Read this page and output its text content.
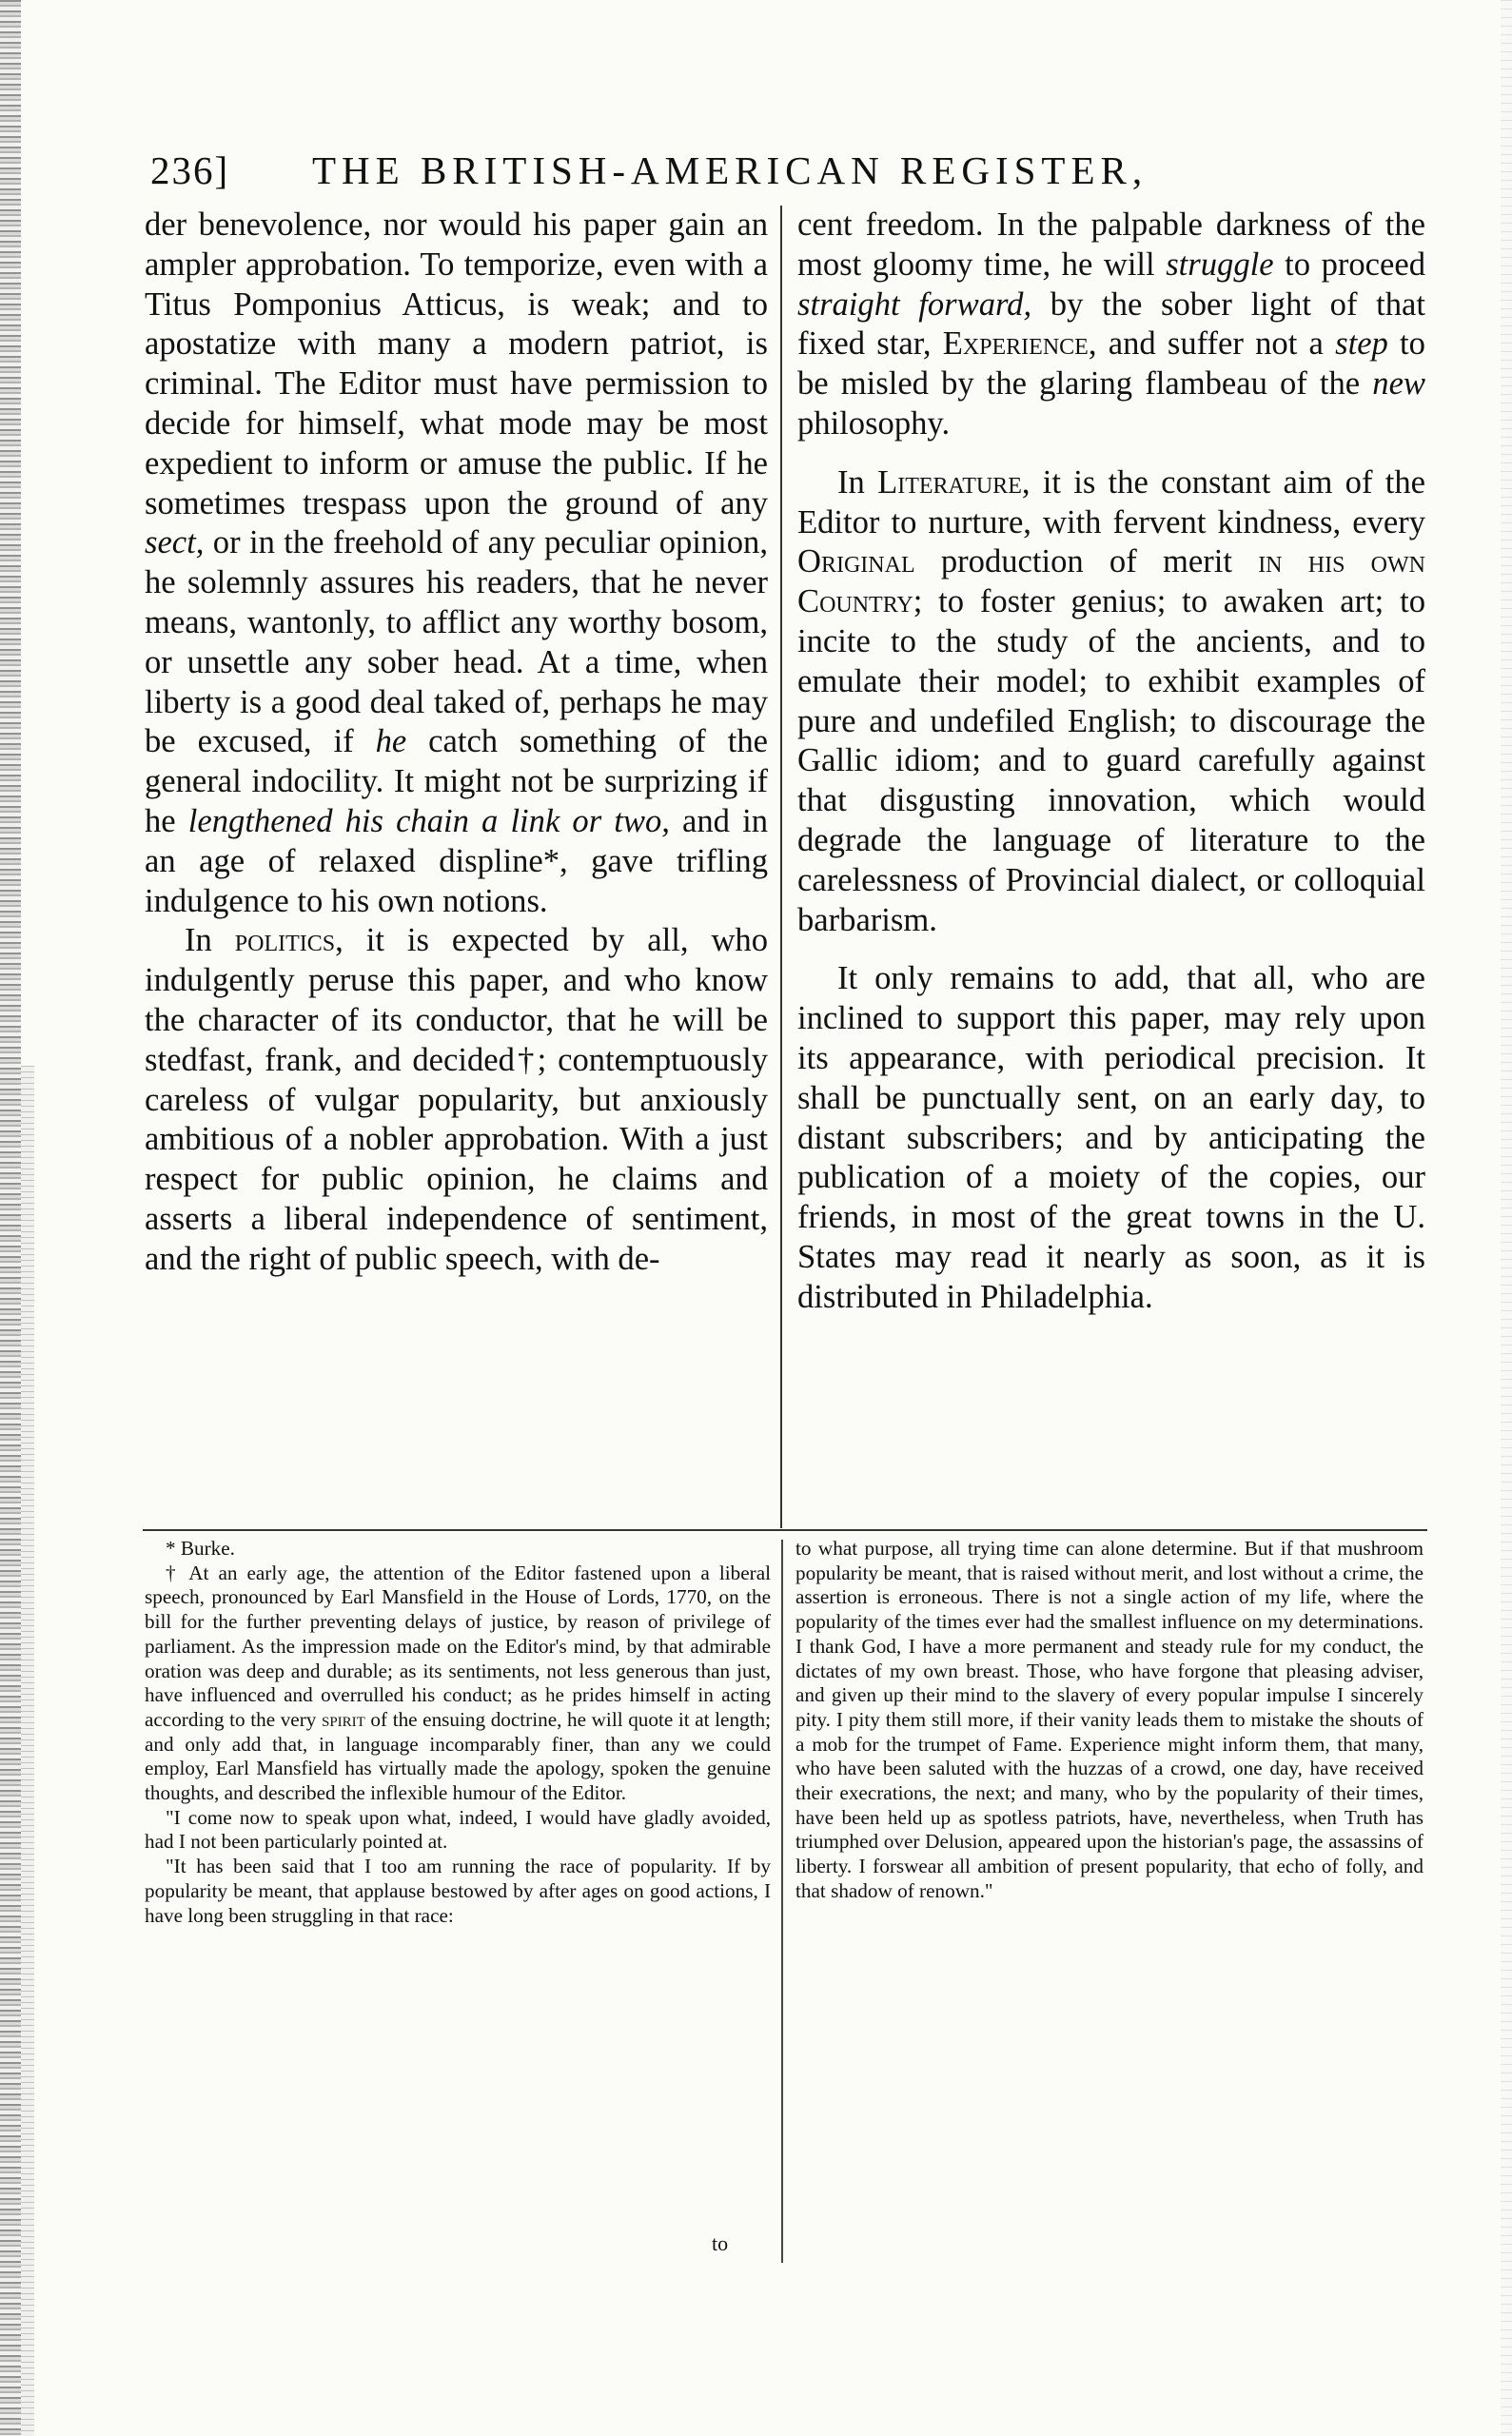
236] THE BRITISH-AMERICAN REGISTER,

der benevolence, nor would his paper gain an ampler approbation. To temporize, even with a Titus Pomponius Atticus, is weak; and to apostatize with many a modern patriot, is criminal. The Editor must have permission to decide for himself, what mode may be most expedient to inform or amuse the public. If he sometimes trespass upon the ground of any sect, or in the freehold of any peculiar opinion, he solemnly assures his readers, that he never means, wantonly, to afflict any worthy bosom, or unsettle any sober head. At a time, when liberty is a good deal taked of, perhaps he may be excused, if he catch something of the general indocility. It might not be surprizing if he lengthened his chain a link or two, and in an age of relaxed displine*, gave trifling indulgence to his own notions.

In politics, it is expected by all, who indulgently peruse this paper, and who know the character of its conductor, that he will be stedfast, frank, and decided†; contemptuously careless of vulgar popularity, but anxiously ambitious of a nobler approbation. With a just respect for public opinion, he claims and asserts a liberal independence of sentiment, and the right of public speech, with de-

cent freedom. In the palpable darkness of the most gloomy time, he will struggle to proceed straight forward, by the sober light of that fixed star, Experience, and suffer not a step to be misled by the glaring flambeau of the new philosophy.

In Literature, it is the constant aim of the Editor to nurture, with fervent kindness, every Original production of merit in his own Country; to foster genius; to awaken art; to incite to the study of the ancients, and to emulate their model; to exhibit examples of pure and undefiled English; to discourage the Gallic idiom; and to guard carefully against that disgusting innovation, which would degrade the language of literature to the carelessness of Provincial dialect, or colloquial barbarism.

It only remains to add, that all, who are inclined to support this paper, may rely upon its appearance, with periodical precision. It shall be punctually sent, on an early day, to distant subscribers; and by anticipating the publication of a moiety of the copies, our friends, in most of the great towns in the U. States may read it nearly as soon, as it is distributed in Philadelphia.

* Burke.

† At an early age, the attention of the Editor fastened upon a liberal speech, pronounced by Earl Mansfield in the House of Lords, 1770, on the bill for the further preventing delays of justice, by reason of privilege of parliament. As the impression made on the Editor's mind, by that admirable oration was deep and durable; as its sentiments, not less generous than just, have influenced and overrulled his conduct; as he prides himself in acting according to the very spirit of the ensuing doctrine, he will quote it at length; and only add that, in language incomparably finer, than any we could employ, Earl Mansfield has virtually made the apology, spoken the genuine thoughts, and described the inflexible humour of the Editor.

"I come now to speak upon what, indeed, I would have gladly avoided, had I not been particularly pointed at.

"It has been said that I too am running the race of popularity. If by popularity be meant, that applause bestowed by after ages on good actions, I have long been struggling in that race:

to

to what purpose, all trying time can alone determine. But if that mushroom popularity be meant, that is raised without merit, and lost without a crime, the assertion is erroneous. There is not a single action of my life, where the popularity of the times ever had the smallest influence on my determinations. I thank God, I have a more permanent and steady rule for my conduct, the dictates of my own breast. Those, who have forgone that pleasing adviser, and given up their mind to the slavery of every popular impulse I sincerely pity. I pity them still more, if their vanity leads them to mistake the shouts of a mob for the trumpet of Fame. Experience might inform them, that many, who have been saluted with the huzzas of a crowd, one day, have received their execrations, the next; and many, who by the popularity of their times, have been held up as spotless patriots, have, nevertheless, when Truth has triumphed over Delusion, appeared upon the historian's page, the assassins of liberty. I forswear all ambition of present popularity, that echo of folly, and that shadow of renown."
